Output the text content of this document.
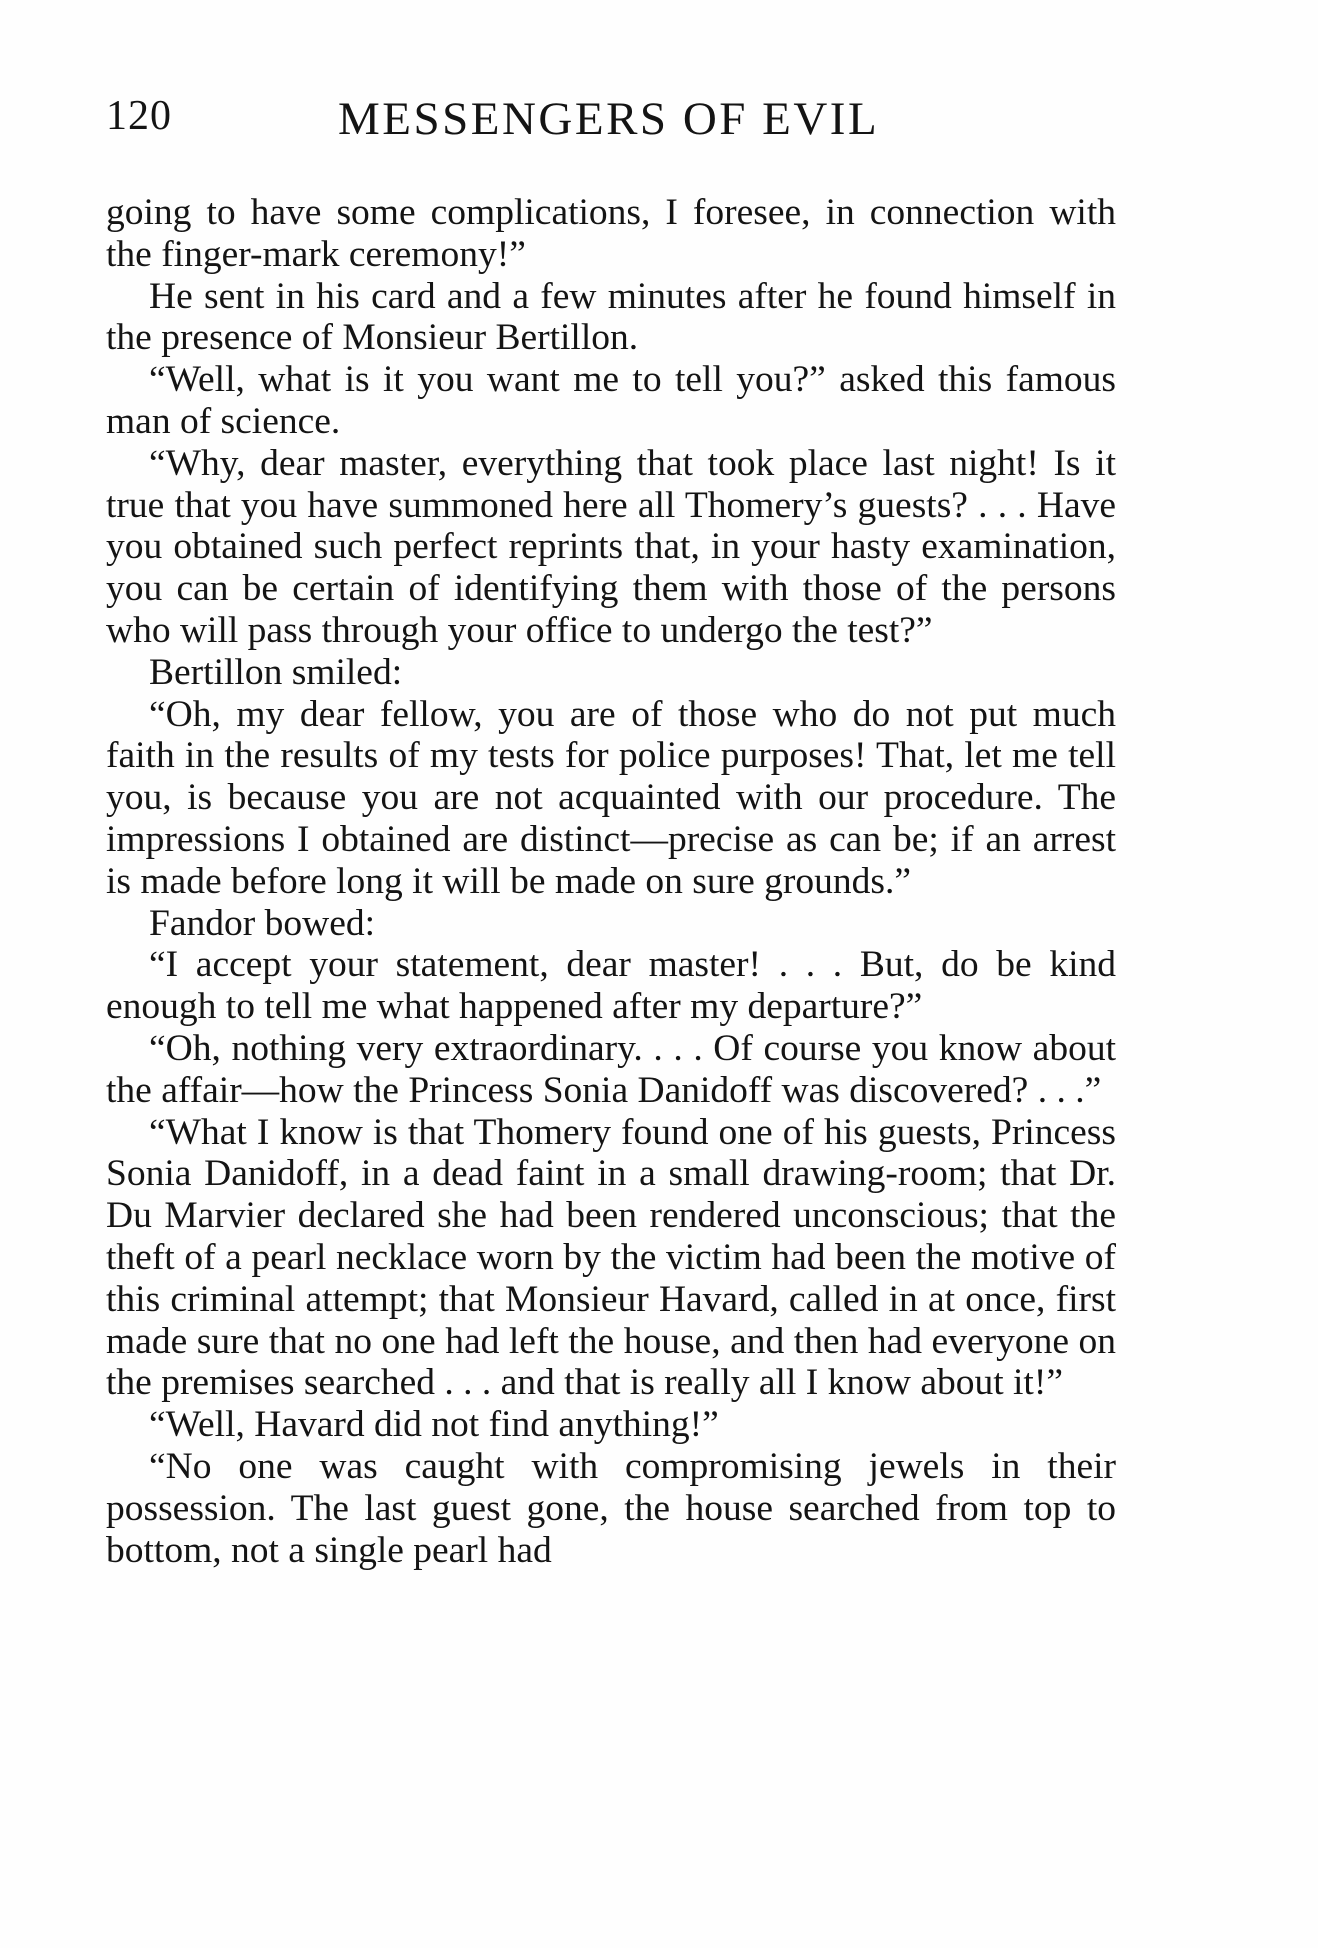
120	MESSENGERS OF EVIL

going to have some complications, I foresee, in connection with the finger-mark ceremony!”

He sent in his card and a few minutes after he found himself in the presence of Monsieur Bertillon.

“Well, what is it you want me to tell you?” asked this famous man of science.

“Why, dear master, everything that took place last night! Is it true that you have summoned here all Thomery’s guests? . . . Have you obtained such perfect reprints that, in your hasty examination, you can be certain of identifying them with those of the persons who will pass through your office to undergo the test?”

Bertillon smiled:

“Oh, my dear fellow, you are of those who do not put much faith in the results of my tests for police purposes! That, let me tell you, is because you are not acquainted with our procedure. The impressions I obtained are distinct—precise as can be; if an arrest is made before long it will be made on sure grounds.”

Fandor bowed:

“I accept your statement, dear master! . . . But, do be kind enough to tell me what happened after my departure?”

“Oh, nothing very extraordinary. . . . Of course you know about the affair—how the Princess Sonia Danidoff was discovered? . . .”

“What I know is that Thomery found one of his guests, Princess Sonia Danidoff, in a dead faint in a small drawing-room; that Dr. Du Marvier declared she had been rendered unconscious; that the theft of a pearl necklace worn by the victim had been the motive of this criminal attempt; that Monsieur Havard, called in at once, first made sure that no one had left the house, and then had everyone on the premises searched . . . and that is really all I know about it!”

“Well, Havard did not find anything!”

“No one was caught with compromising jewels in their possession. The last guest gone, the house searched from top to bottom, not a single pearl had
